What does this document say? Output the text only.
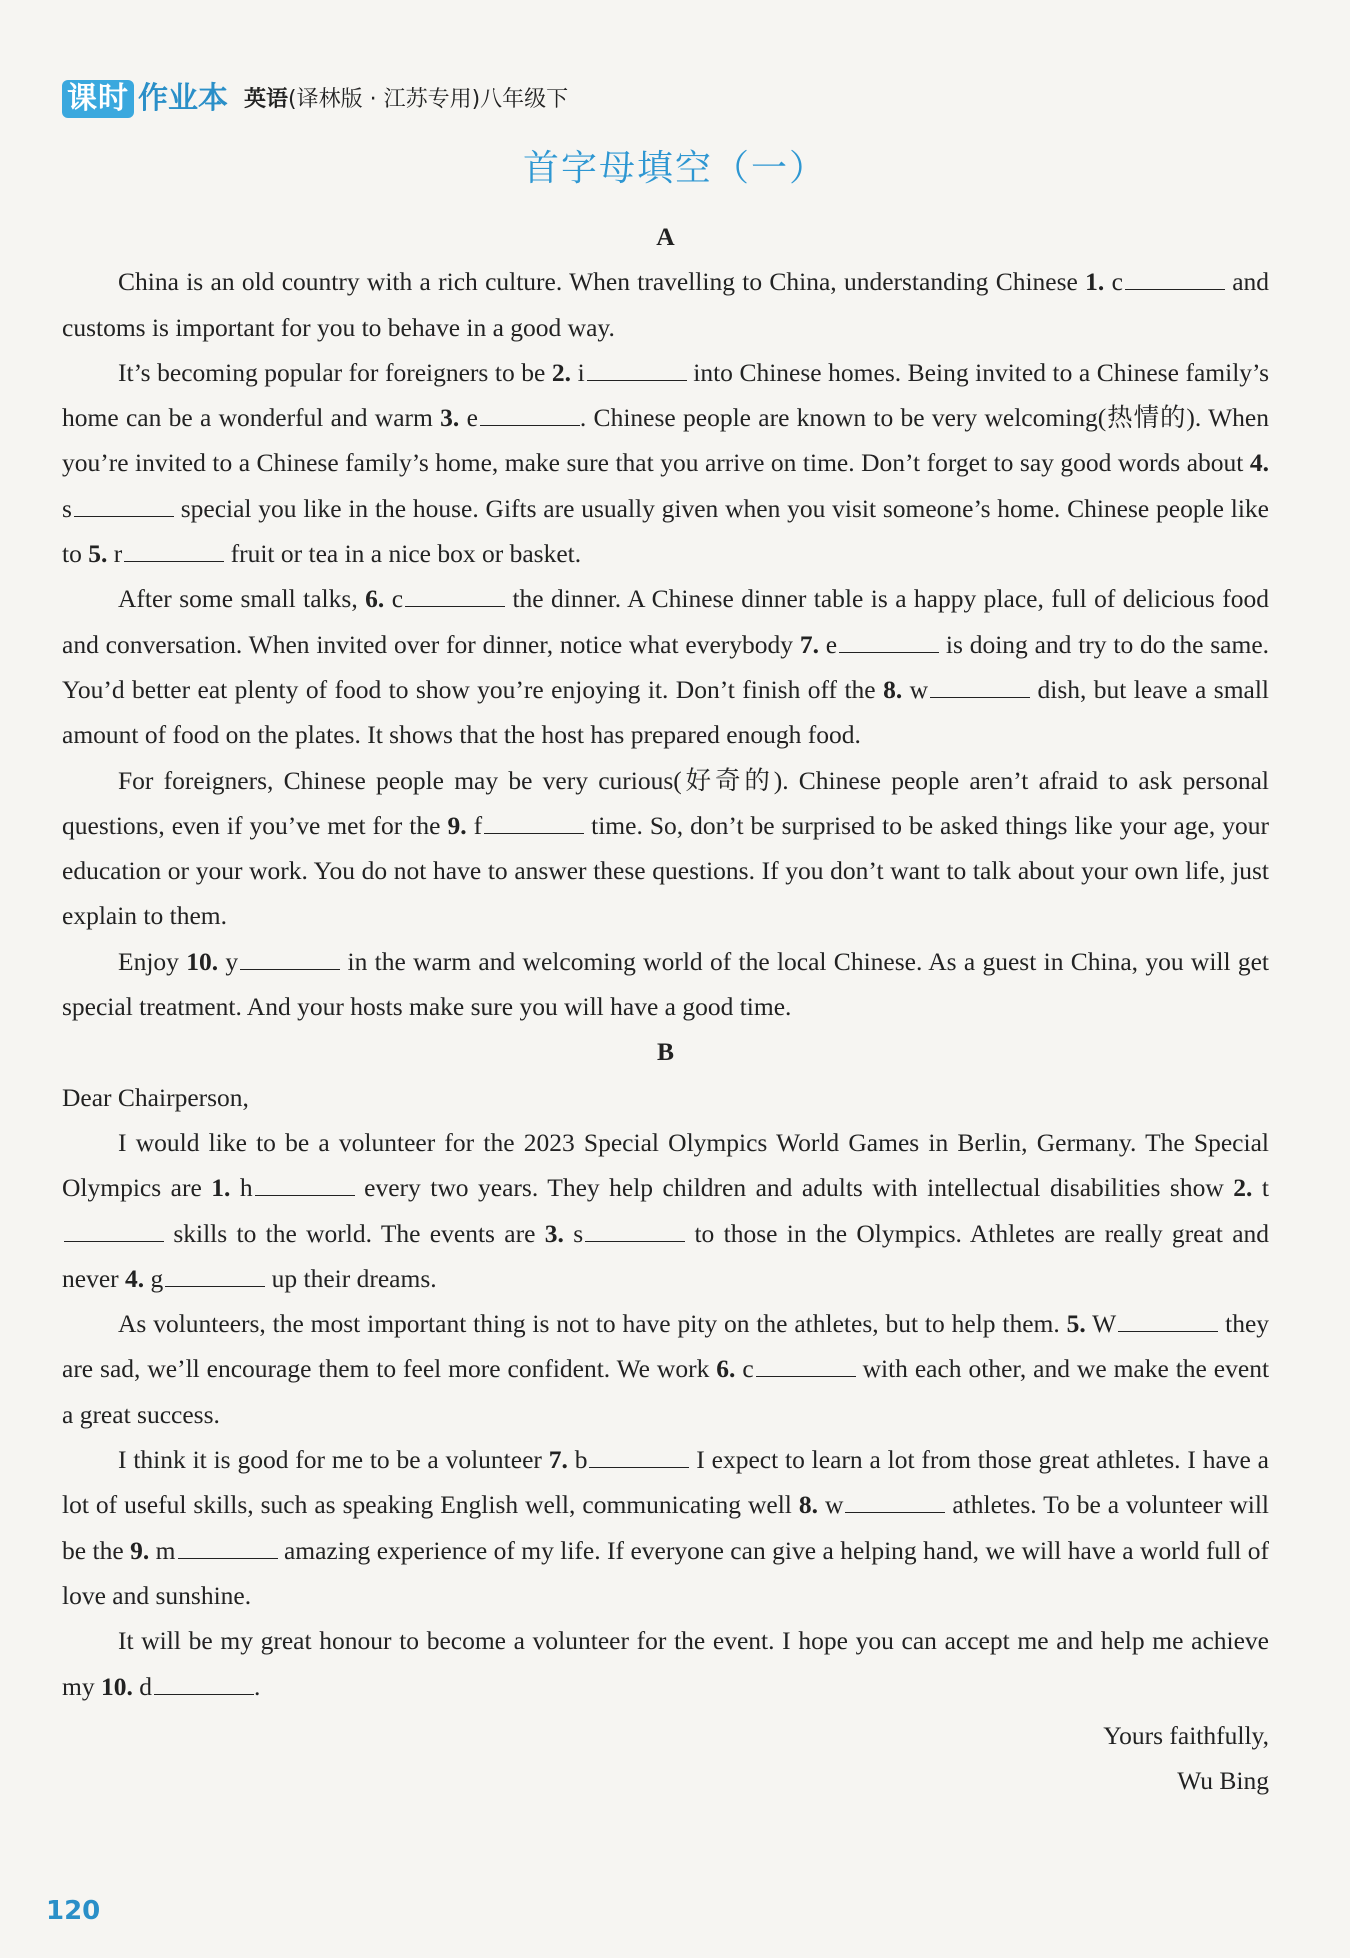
课时 作业本 英语(译林版 · 江苏专用)八年级下
首字母填空（一）
A

China is an old country with a rich culture. When travelling to China, understanding Chinese 1. c	and customs is important for you to behave in a good way.

It’s becoming popular for foreigners to be 2. i	into Chinese homes. Being invited to a Chinese family’s home can be a wonderful and warm 3. e	. Chinese people are known to be very welcoming(热情的). When you’re invited to a Chinese family’s home, make sure that you arrive on time. Don’t forget to say good words about 4. s	special you like in the house. Gifts are usually given when you visit someone’s home. Chinese people like to 5. r	fruit or tea in a nice box or basket.

After some small talks, 6. c	the dinner. A Chinese dinner table is a happy place, full of delicious food and conversation. When invited over for dinner, notice what everybody 7. e	is doing and try to do the same. You’d better eat plenty of food to show you’re enjoying it. Don’t finish off the 8. w	dish, but leave a small amount of food on the plates. It shows that the host has prepared enough food.

For foreigners, Chinese people may be very curious(好奇的). Chinese people aren’t afraid to ask personal questions, even if you’ve met for the 9. f	time. So, don’t be surprised to be asked things like your age, your education or your work. You do not have to answer these questions. If you don’t want to talk about your own life, just explain to them.

Enjoy 10. y	in the warm and welcoming world of the local Chinese. As a guest in China, you will get special treatment. And your hosts make sure you will have a good time.

B

Dear Chairperson,

I would like to be a volunteer for the 2023 Special Olympics World Games in Berlin, Germany. The Special Olympics are 1. h	every two years. They help children and adults with intellectual disabilities show 2. t skills to the world. The events are 3. s	to those in the Olympics. Athletes are really great and never 4. g	up their dreams.

As volunteers, the most important thing is not to have pity on the athletes, but to help them. 5. W	they are sad, we’ll encourage them to feel more confident. We work 6. c	with each other, and we make the event a great success.

I think it is good for me to be a volunteer 7. b	I expect to learn a lot from those great athletes. I have a lot of useful skills, such as speaking English well, communicating well 8. w	athletes. To be a volunteer will be the 9. m	amazing experience of my life. If everyone can give a helping hand, we will have a world full of love and sunshine.

It will be my great honour to become a volunteer for the event. I hope you can accept me and help me achieve my 10. d	.

Yours faithfully,

Wu Bing

120
